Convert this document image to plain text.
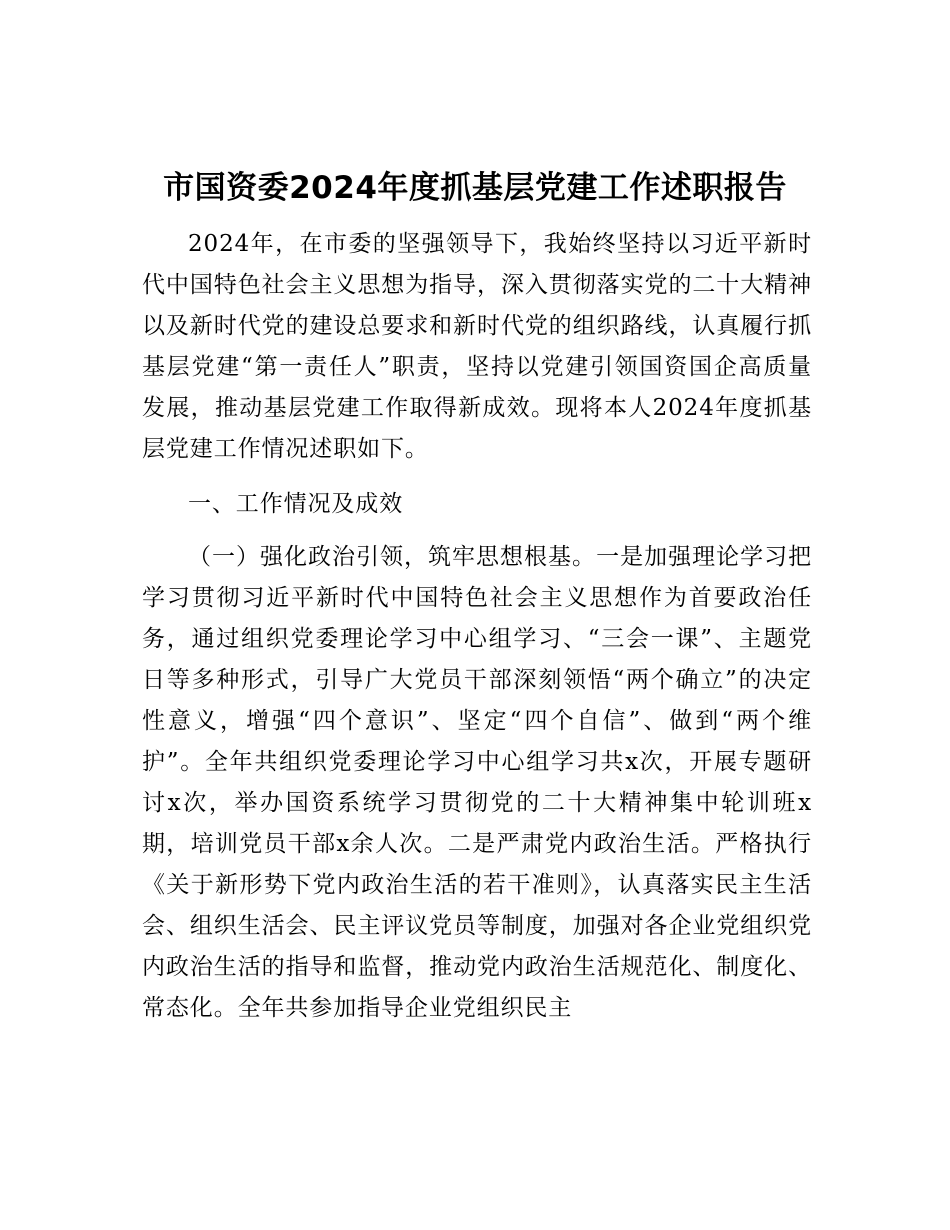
市国资委2024年度抓基层党建工作述职报告

2024年，在市委的坚强领导下，我始终坚持以习近平新时代中国特色社会主义思想为指导，深入贯彻落实党的二十大精神以及新时代党的建设总要求和新时代党的组织路线，认真履行抓基层党建“第一责任人”职责，坚持以党建引领国资国企高质量发展，推动基层党建工作取得新成效。现将本人2024年度抓基层党建工作情况述职如下。

一、工作情况及成效

（一）强化政治引领，筑牢思想根基。一是加强理论学习把学习贯彻习近平新时代中国特色社会主义思想作为首要政治任务，通过组织党委理论学习中心组学习、“三会一课”、主题党日等多种形式，引导广大党员干部深刻领悟“两个确立”的决定性意义，增强“四个意识”、坚定“四个自信”、做到“两个维护”。全年共组织党委理论学习中心组学习共x次，开展专题研讨x次，举办国资系统学习贯彻党的二十大精神集中轮训班x期，培训党员干部x余人次。二是严肃党内政治生活。严格执行《关于新形势下党内政治生活的若干准则》，认真落实民主生活会、组织生活会、民主评议党员等制度，加强对各企业党组织党内政治生活的指导和监督，推动党内政治生活规范化、制度化、常态化。全年共参加指导企业党组织民主
